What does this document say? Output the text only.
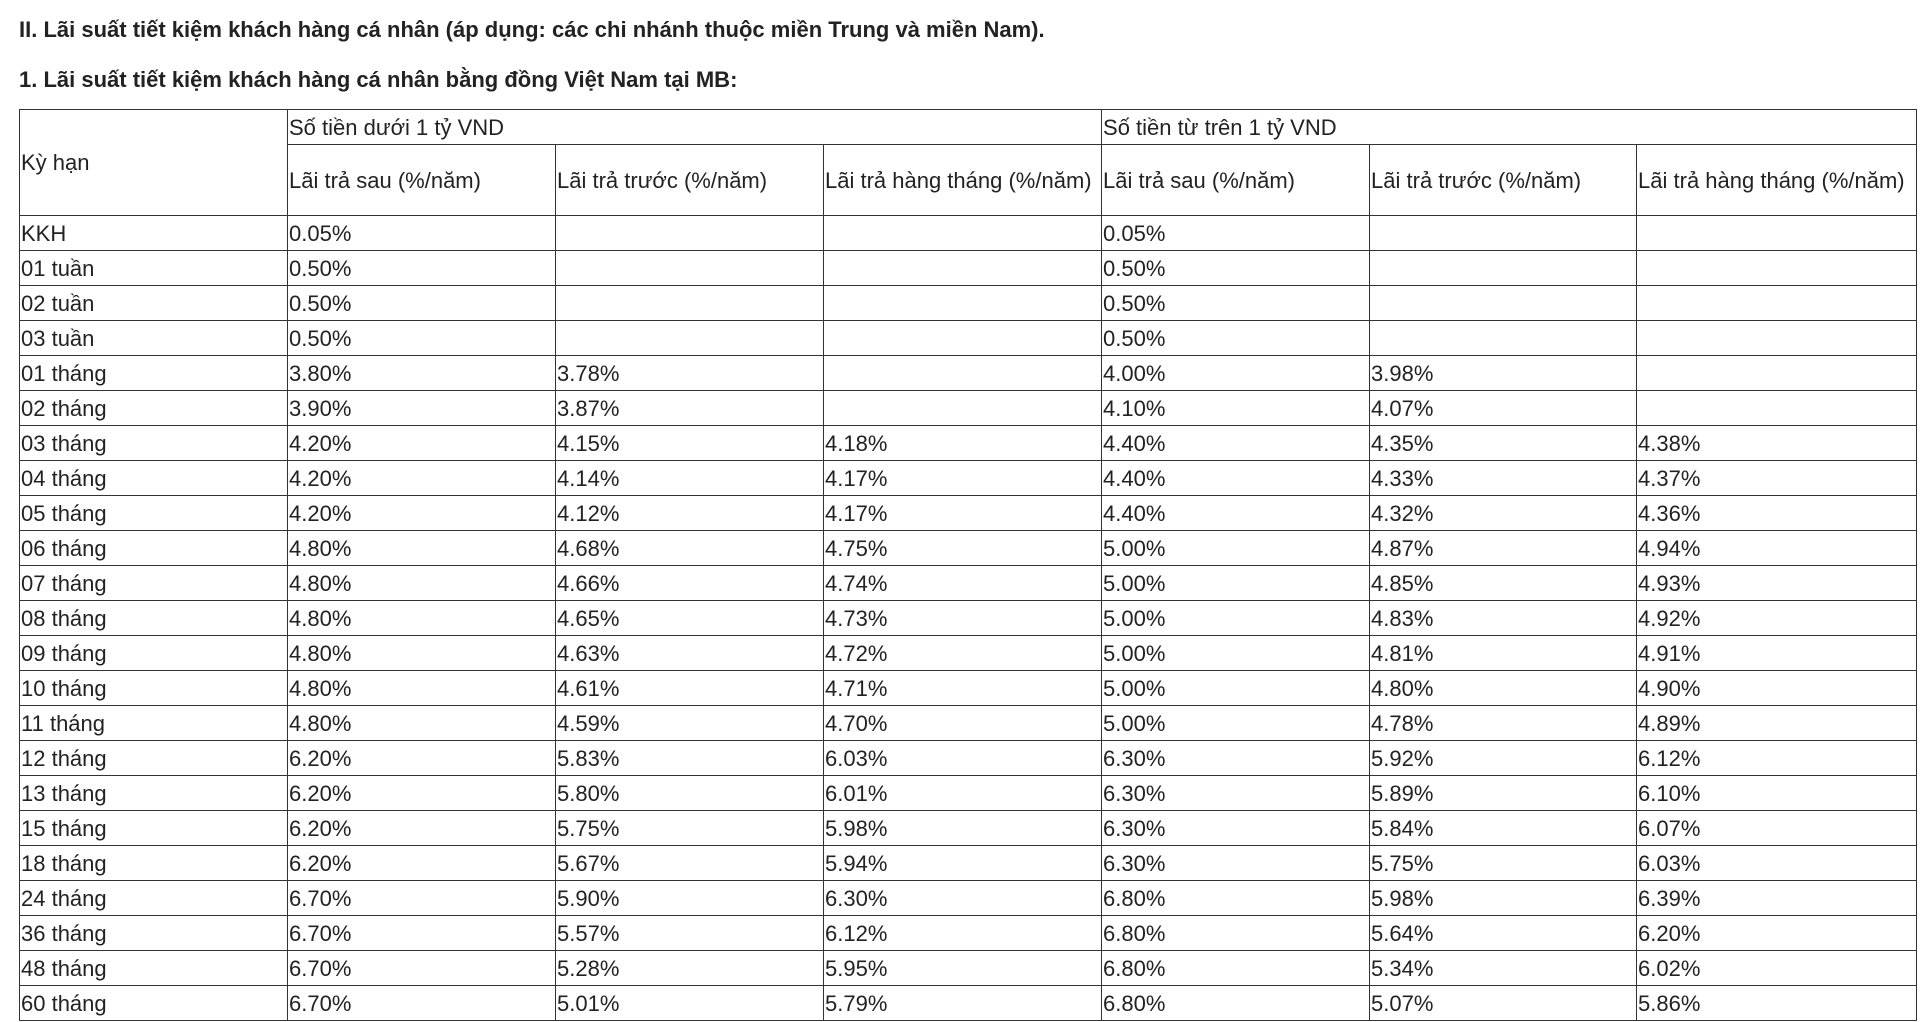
II. Lãi suất tiết kiệm khách hàng cá nhân (áp dụng: các chi nhánh thuộc miền Trung và miền Nam).
1. Lãi suất tiết kiệm khách hàng cá nhân bằng đồng Việt Nam tại MB:
Kỳ hạn	Số tiền dưới 1 tỷ VND			Số tiền từ trên 1 tỷ VND		
	Lãi trả sau (%/năm)	Lãi trả trước (%/năm)	Lãi trả hàng tháng (%/năm)	Lãi trả sau (%/năm)	Lãi trả trước (%/năm)	Lãi trả hàng tháng (%/năm)
KKH	0.05%			0.05%		
01 tuần	0.50%			0.50%		
02 tuần	0.50%			0.50%		
03 tuần	0.50%			0.50%		
01 tháng	3.80%	3.78%		4.00%	3.98%	
02 tháng	3.90%	3.87%		4.10%	4.07%	
03 tháng	4.20%	4.15%	4.18%	4.40%	4.35%	4.38%
04 tháng	4.20%	4.14%	4.17%	4.40%	4.33%	4.37%
05 tháng	4.20%	4.12%	4.17%	4.40%	4.32%	4.36%
06 tháng	4.80%	4.68%	4.75%	5.00%	4.87%	4.94%
07 tháng	4.80%	4.66%	4.74%	5.00%	4.85%	4.93%
08 tháng	4.80%	4.65%	4.73%	5.00%	4.83%	4.92%
09 tháng	4.80%	4.63%	4.72%	5.00%	4.81%	4.91%
10 tháng	4.80%	4.61%	4.71%	5.00%	4.80%	4.90%
11 tháng	4.80%	4.59%	4.70%	5.00%	4.78%	4.89%
12 tháng	6.20%	5.83%	6.03%	6.30%	5.92%	6.12%
13 tháng	6.20%	5.80%	6.01%	6.30%	5.89%	6.10%
15 tháng	6.20%	5.75%	5.98%	6.30%	5.84%	6.07%
18 tháng	6.20%	5.67%	5.94%	6.30%	5.75%	6.03%
24 tháng	6.70%	5.90%	6.30%	6.80%	5.98%	6.39%
36 tháng	6.70%	5.57%	6.12%	6.80%	5.64%	6.20%
48 tháng	6.70%	5.28%	5.95%	6.80%	5.34%	6.02%
60 tháng	6.70%	5.01%	5.79%	6.80%	5.07%	5.86%
